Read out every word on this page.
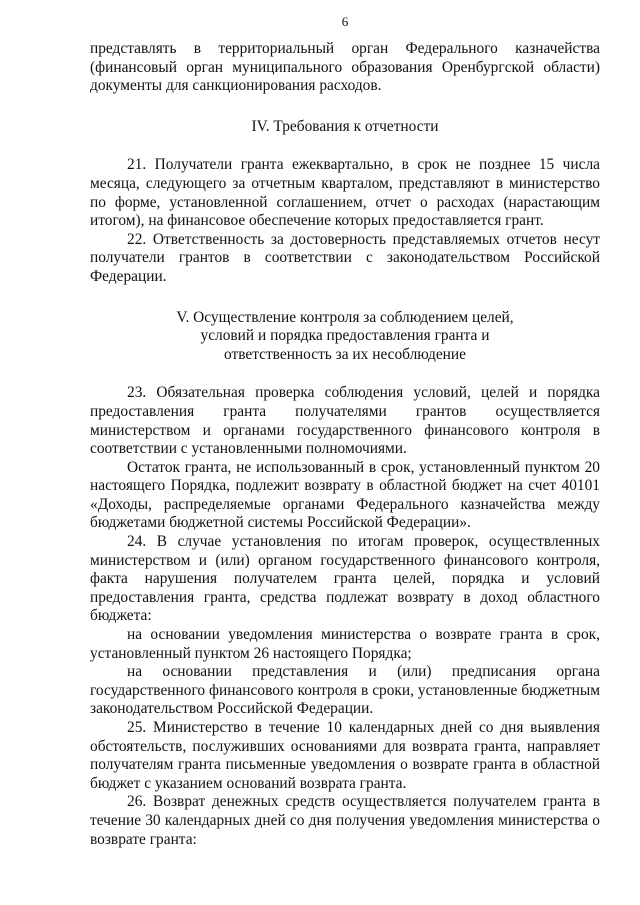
6

представлять в территориальный орган Федерального казначейства (финансовый орган муниципального образования Оренбургской области) документы для санкционирования расходов.

IV. Требования к отчетности

21. Получатели гранта ежеквартально, в срок не позднее 15 числа месяца, следующего за отчетным кварталом, представляют в министерство по форме, установленной соглашением, отчет о расходах (нарастающим итогом), на финансовое обеспечение которых предоставляется грант.

22. Ответственность за достоверность представляемых отчетов несут получатели грантов в соответствии с законодательством Российской Федерации.

V. Осуществление контроля за соблюдением целей,

условий и порядка предоставления гранта и

ответственность за их несоблюдение

23. Обязательная проверка соблюдения условий, целей и порядка предоставления гранта получателями грантов осуществляется министерством и органами государственного финансового контроля в соответствии с установленными полномочиями.

Остаток гранта, не использованный в срок, установленный пунктом 20 настоящего Порядка, подлежит возврату в областной бюджет на счет 40101 «Доходы, распределяемые органами Федерального казначейства между бюджетами бюджетной системы Российской Федерации».

24. В случае установления по итогам проверок, осуществленных министерством и (или) органом государственного финансового контроля, факта нарушения получателем гранта целей, порядка и условий предоставления гранта, средства подлежат возврату в доход областного бюджета:

на основании уведомления министерства о возврате гранта в срок, установленный пунктом 26 настоящего Порядка;

на основании представления и (или) предписания органа государственного финансового контроля в сроки, установленные бюджетным законодательством Российской Федерации.

25. Министерство в течение 10 календарных дней со дня выявления обстоятельств, послуживших основаниями для возврата гранта, направляет получателям гранта письменные уведомления о возврате гранта в областной бюджет с указанием оснований возврата гранта.

26. Возврат денежных средств осуществляется получателем гранта в течение 30 календарных дней со дня получения уведомления министерства о возврате гранта:
